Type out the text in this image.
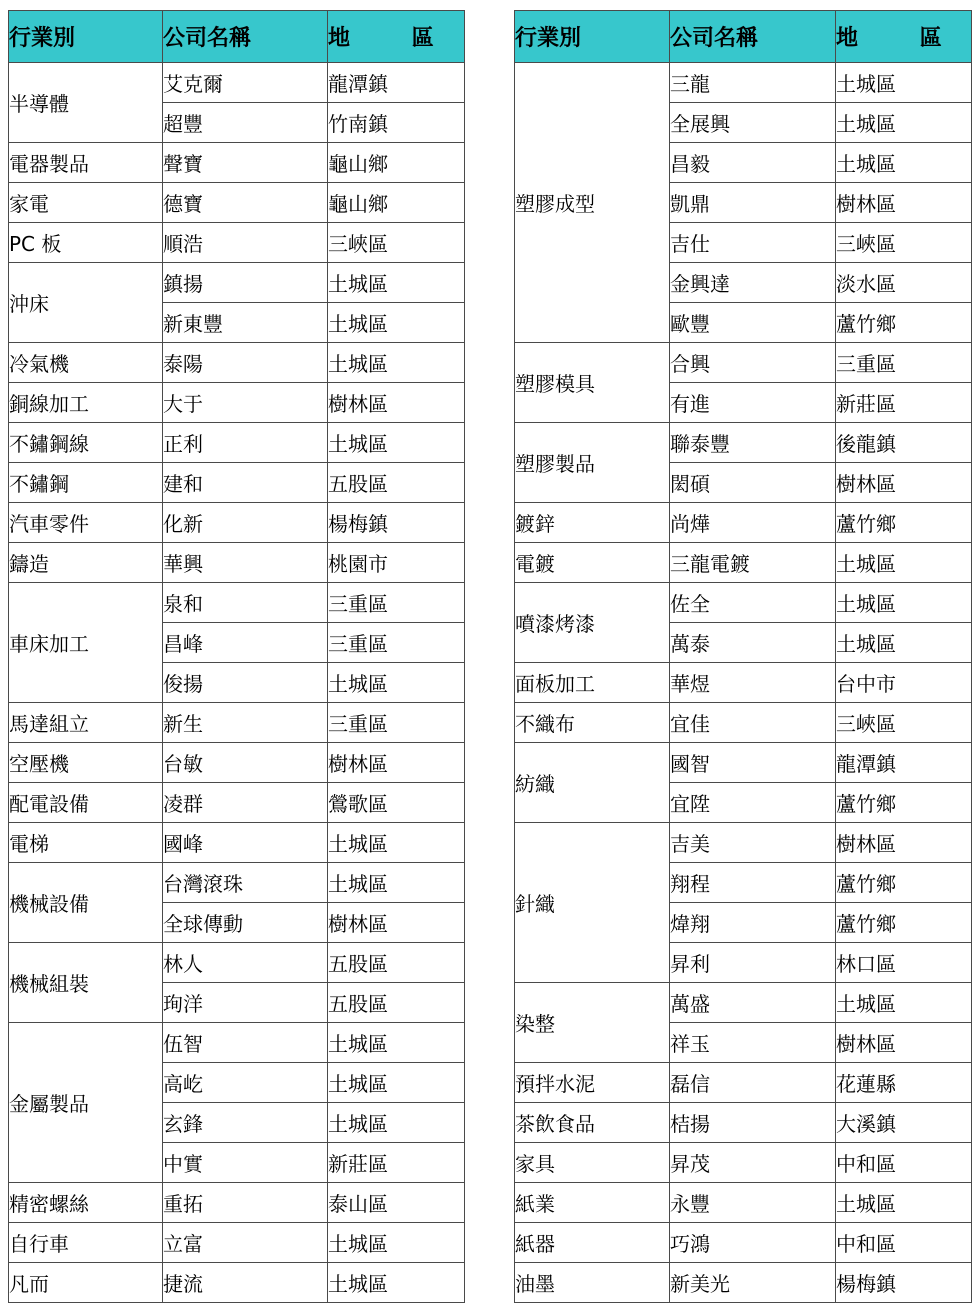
行業別	公司名稱	地　區
半導體	艾克爾	龍潭鎮
	超豐	竹南鎮
電器製品	聲寶	龜山鄉
家電	德寶	龜山鄉
PC 板	順浩	三峽區
沖床	鎮揚	土城區
	新東豐	土城區
冷氣機	泰陽	土城區
銅線加工	大于	樹林區
不鏽鋼線	正利	土城區
不鏽鋼	建和	五股區
汽車零件	化新	楊梅鎮
鑄造	華興	桃園市
車床加工	泉和	三重區
	昌峰	三重區
	俊揚	土城區
馬達組立	新生	三重區
空壓機	台敏	樹林區
配電設備	凌群	鶯歌區
電梯	國峰	土城區
機械設備	台灣滾珠	土城區
	全球傳動	樹林區
機械組裝	林人	五股區
	珣洋	五股區
金屬製品	伍智	土城區
	高屹	土城區
	玄鋒	土城區
	中實	新莊區
精密螺絲	重拓	泰山區
自行車	立富	土城區
凡而	捷流	土城區
行業別	公司名稱	地　區
塑膠成型	三龍	土城區
	全展興	土城區
	昌毅	土城區
	凱鼎	樹林區
	吉仕	三峽區
	金興達	淡水區
	歐豐	蘆竹鄉
塑膠模具	合興	三重區
	有進	新莊區
塑膠製品	聯泰豐	後龍鎮
	閎碩	樹林區
鍍鋅	尚燁	蘆竹鄉
電鍍	三龍電鍍	土城區
噴漆烤漆	佐全	土城區
	萬泰	土城區
面板加工	華煜	台中市
不織布	宜佳	三峽區
紡織	國智	龍潭鎮
	宜陞	蘆竹鄉
針織	吉美	樹林區
	翔程	蘆竹鄉
	煒翔	蘆竹鄉
	昇利	林口區
染整	萬盛	土城區
	祥玉	樹林區
預拌水泥	磊信	花蓮縣
茶飲食品	桔揚	大溪鎮
家具	昇茂	中和區
紙業	永豐	土城區
紙器	巧鴻	中和區
油墨	新美光	楊梅鎮
